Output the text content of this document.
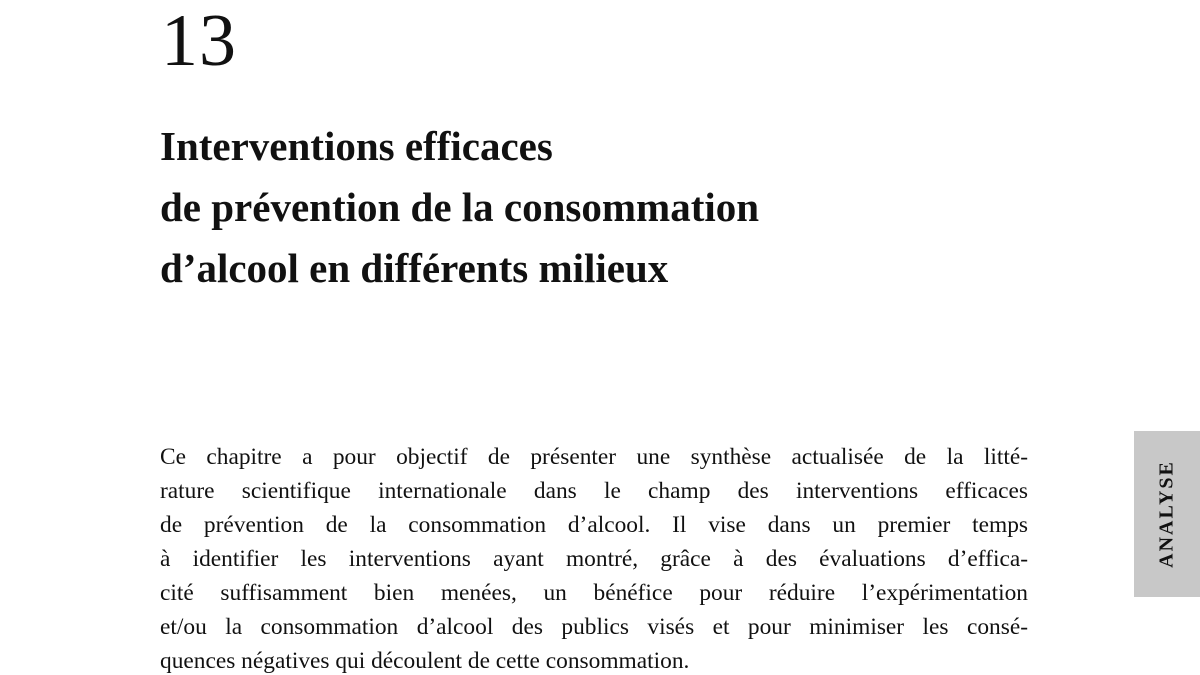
13
Interventions efficaces
de prévention de la consommation
d’alcool en différents milieux
Ce chapitre a pour objectif de présenter une synthèse actualisée de la litté-
rature scientifique internationale dans le champ des interventions efficaces
de prévention de la consommation d’alcool. Il vise dans un premier temps
à identifier les interventions ayant montré, grâce à des évaluations d’effica-
cité suffisamment bien menées, un bénéfice pour réduire l’expérimentation
et/ou la consommation d’alcool des publics visés et pour minimiser les consé-
quences négatives qui découlent de cette consommation.
ANALYSE
